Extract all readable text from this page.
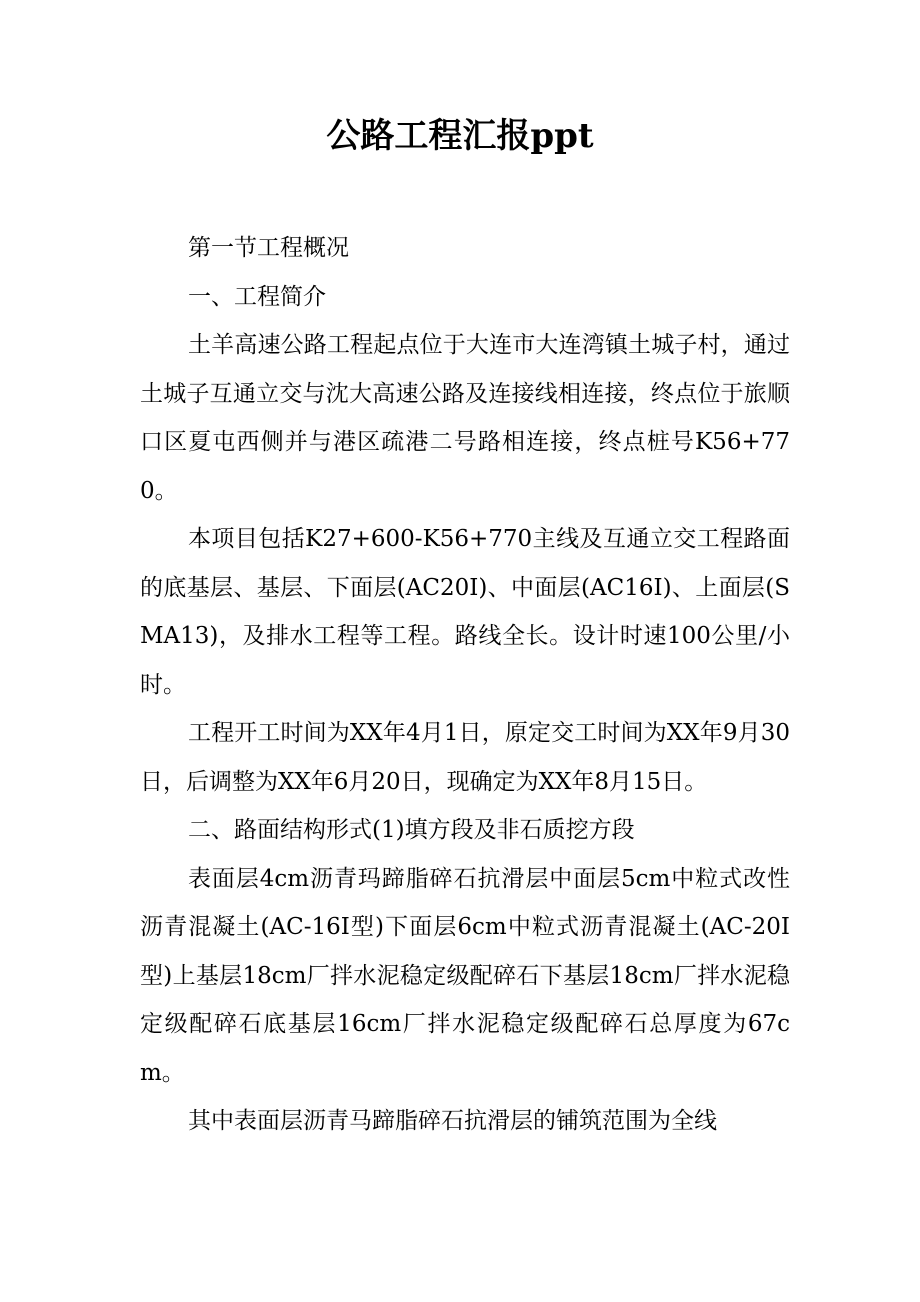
公路工程汇报ppt

第一节工程概况

一、工程简介

土羊高速公路工程起点位于大连市大连湾镇土城子村，通过土城子互通立交与沈大高速公路及连接线相连接，终点位于旅顺口区夏屯西侧并与港区疏港二号路相连接，终点桩号K56+770。

本项目包括K27+600-K56+770主线及互通立交工程路面的底基层、基层、下面层(AC20I)、中面层(AC16I)、上面层(SMA13)，及排水工程等工程。路线全长。设计时速100公里/小时。

工程开工时间为XX年4月1日，原定交工时间为XX年9月30日，后调整为XX年6月20日，现确定为XX年8月15日。

二、路面结构形式(1)填方段及非石质挖方段

表面层4cm沥青玛蹄脂碎石抗滑层中面层5cm中粒式改性沥青混凝土(AC-16I型)下面层6cm中粒式沥青混凝土(AC-20I型)上基层18cm厂拌水泥稳定级配碎石下基层18cm厂拌水泥稳定级配碎石底基层16cm厂拌水泥稳定级配碎石总厚度为67cm。

其中表面层沥青马蹄脂碎石抗滑层的铺筑范围为全线
